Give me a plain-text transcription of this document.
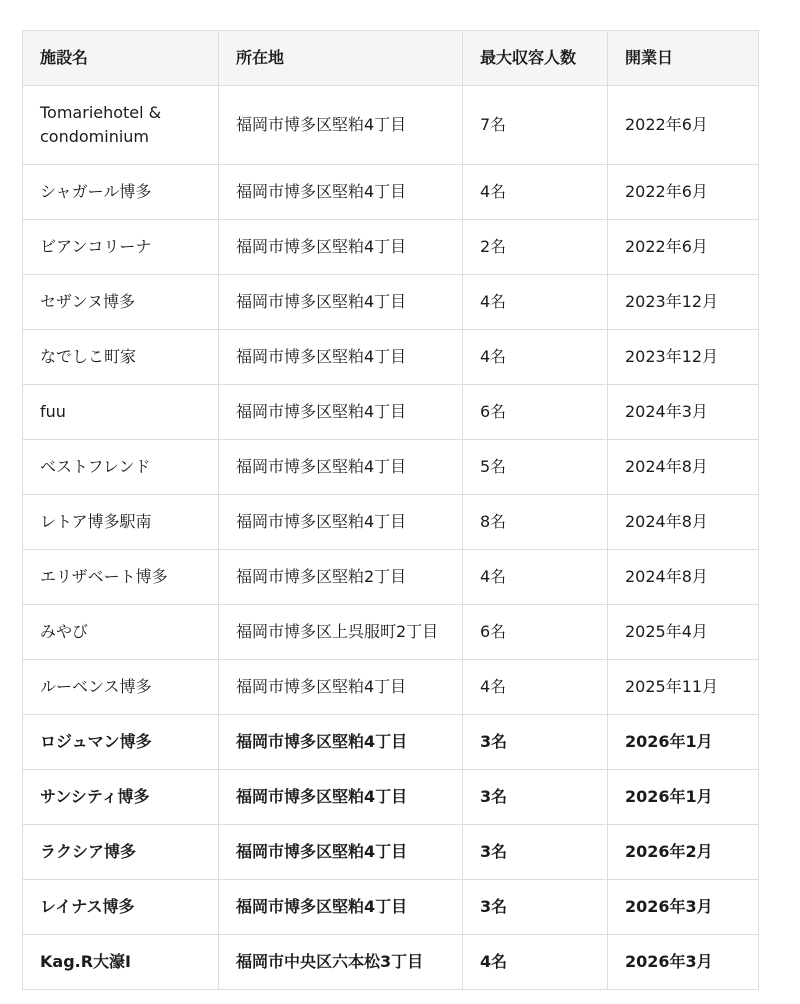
施設名	所在地	最大収容人数	開業日
Tomariehotel & condominium	福岡市博多区堅粕4丁目	7名	2022年6月
シャガール博多	福岡市博多区堅粕4丁目	4名	2022年6月
ビアンコリーナ	福岡市博多区堅粕4丁目	2名	2022年6月
セザンヌ博多	福岡市博多区堅粕4丁目	4名	2023年12月
なでしこ町家	福岡市博多区堅粕4丁目	4名	2023年12月
fuu	福岡市博多区堅粕4丁目	6名	2024年3月
ベストフレンド	福岡市博多区堅粕4丁目	5名	2024年8月
レトア博多駅南	福岡市博多区堅粕4丁目	8名	2024年8月
エリザベート博多	福岡市博多区堅粕2丁目	4名	2024年8月
みやび	福岡市博多区上呉服町2丁目	6名	2025年4月
ルーベンス博多	福岡市博多区堅粕4丁目	4名	2025年11月
ロジュマン博多	福岡市博多区堅粕4丁目	3名	2026年1月
サンシティ博多	福岡市博多区堅粕4丁目	3名	2026年1月
ラクシア博多	福岡市博多区堅粕4丁目	3名	2026年2月
レイナス博多	福岡市博多区堅粕4丁目	3名	2026年3月
Kag.R大濠I	福岡市中央区六本松3丁目	4名	2026年3月
